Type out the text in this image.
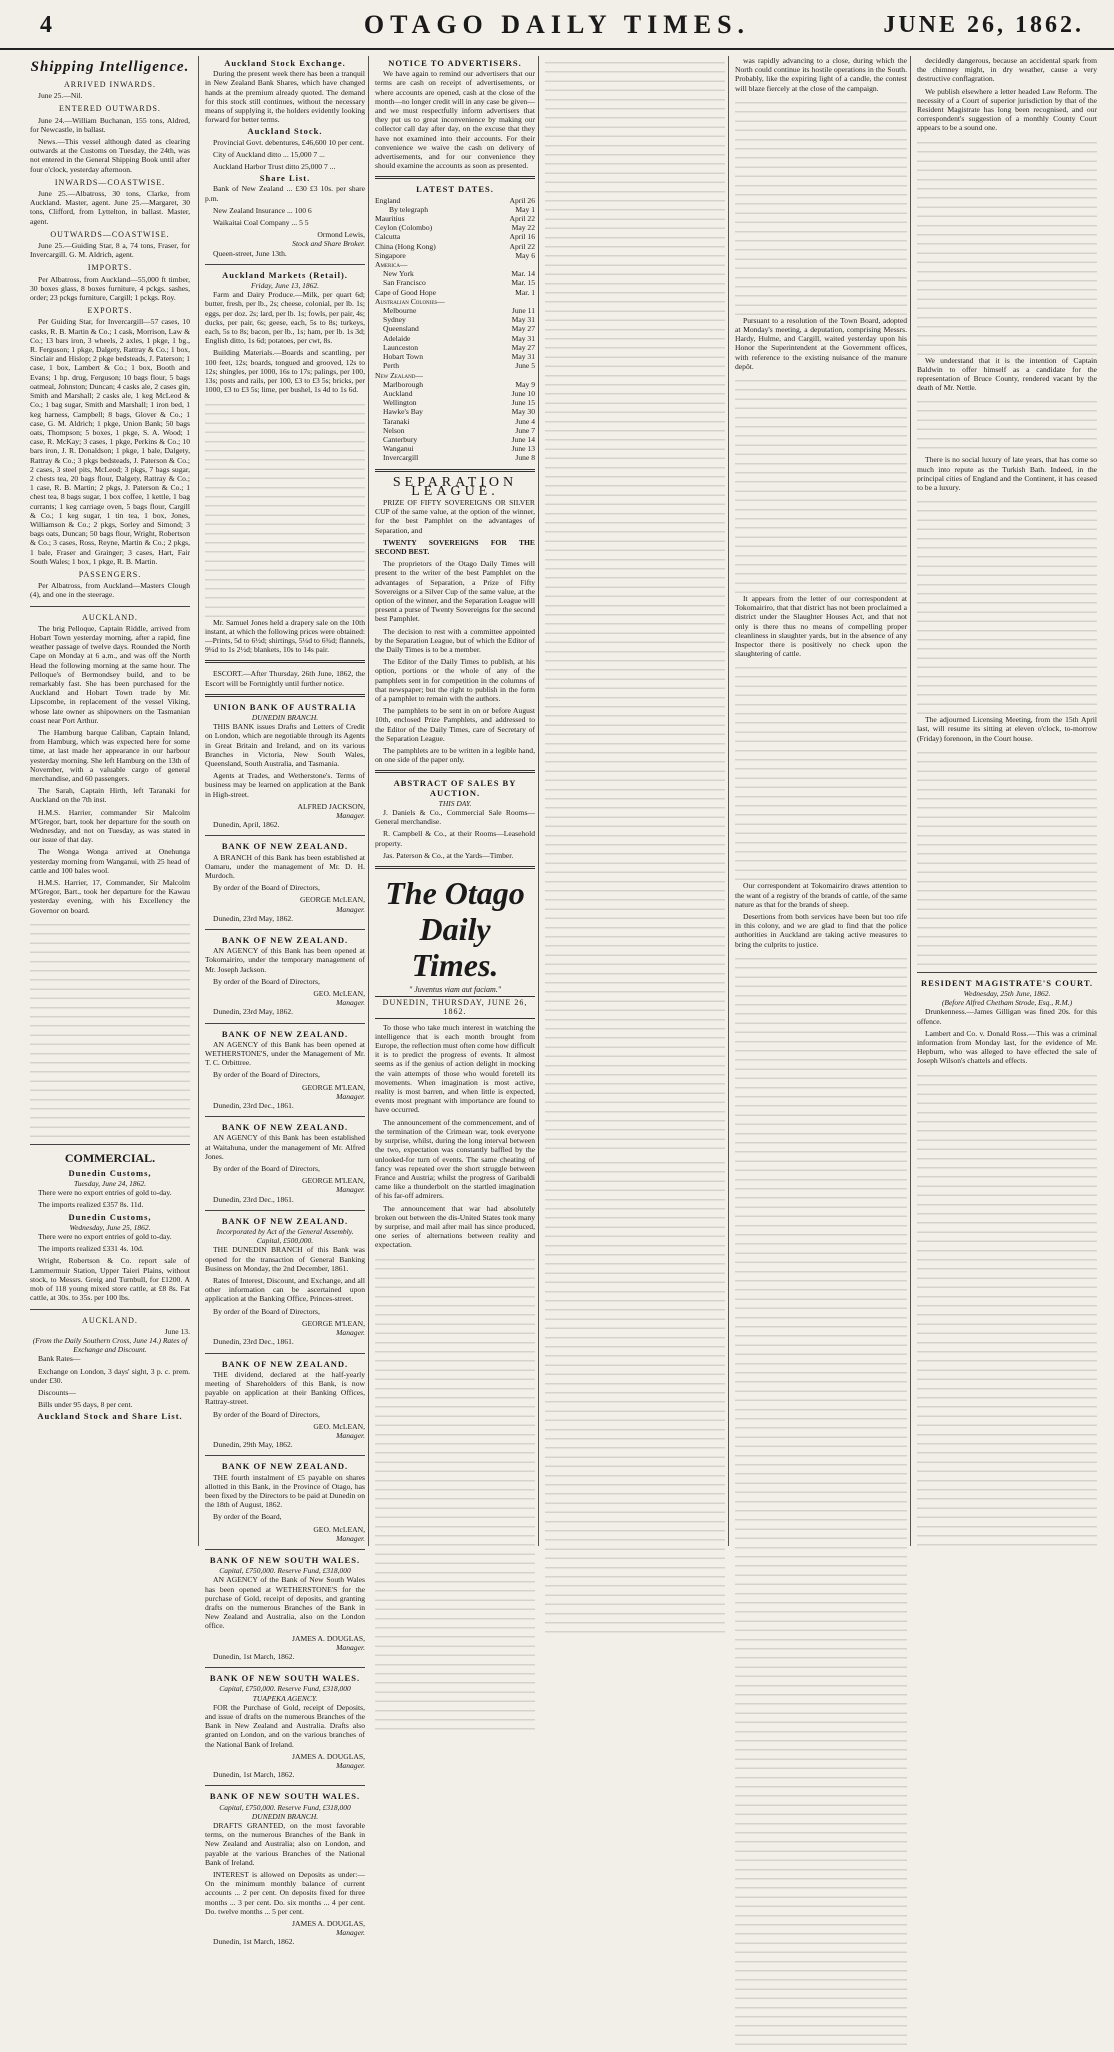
4	OTAGO DAILY TIMES.	JUNE 26, 1862.
Shipping Intelligence.
ARRIVED INWARDS.

June 25.—Nil.

ENTERED OUTWARDS.

June 24.—William Buchanan, 155 tons, Aldred, for Newcastle, in ballast.

News.—This vessel although dated as clearing outwards at the Customs on Tuesday, the 24th, was not entered in the General Shipping Book until after four o'clock, yesterday afternoon.

INWARDS—COASTWISE.

June 25.—Albatross, 30 tons, Clarke, from Auckland. Master, agent. June 25.—Margaret, 30 tons, Clifford, from Lyttelton, in ballast. Master, agent.

OUTWARDS—COASTWISE.

June 25.—Guiding Star, 8 a, 74 tons, Fraser, for Invercargill. G. M. Aldrich, agent.

IMPORTS.

Per Albatross, from Auckland—55,000 ft timber, 30 boxes glass, 8 boxes furniture, 4 pckgs. sashes, order; 23 pckgs furniture, Cargill; 1 pckgs. Roy.

EXPORTS.

Per Guiding Star, for Invercargill—57 cases, 10 casks, R. B. Martin & Co.; 1 cask, Morrison, Law & Co.; 13 bars iron, 3 wheels, 2 axles, 1 pkge, 1 bg., R. Ferguson; 1 pkge, Dalgety, Rattray & Co.; 1 box, Sinclair and Hislop; 2 pkge bedsteads, J. Paterson; 1 case, 1 box, Lambert & Co.; 1 box, Booth and Evans; 1 hp. drug, Ferguson; 10 bags flour, 5 bags oatmeal, Johnston; Duncan; 4 casks ale, 2 cases gin, Smith and Marshall; 2 casks ale, 1 keg McLeod & Co.; 1 bag sugar, Smith and Marshall; 1 iron bed, 1 keg harness, Campbell; 8 bags, Glover & Co.; 1 case, G. M. Aldrich; 1 pkge, Union Bank; 50 bags oats, Thompson; 5 boxes, 1 pkge, S. A. Wood; 1 case, R. McKay; 3 cases, 1 pkge, Perkins & Co.; 10 bars iron, J. R. Donaldson; 1 pkge, 1 bale, Dalgety, Rattray & Co.; 3 pkgs bedsteads, J. Paterson & Co.; 2 cases, 3 steel pits, McLeod; 3 pkgs, 7 bags sugar, 2 chests tea, 20 bags flour, Dalgety, Rattray & Co.; 1 case, R. B. Martin; 2 pkgs, J. Paterson & Co.; 1 chest tea, 8 bags sugar, 1 box coffee, 1 kettle, 1 bag currants; 1 keg carriage oven, 5 bags flour, Cargill & Co.; 1 keg sugar, 1 tin tea, 1 box, Jones, Williamson & Co.; 2 pkgs, Sorley and Simond; 3 bags oats, Duncan; 50 bags flour, Wright, Robertson & Co.; 3 cases, Ross, Reyne, Martin & Co.; 2 pkgs, 1 bale, Fraser and Grainger; 3 cases, Hart, Fair South Wales; 1 box, 1 pkge, R. B. Martin.

PASSENGERS.

Per Albatross, from Auckland—Masters Clough (4), and one in the steerage.

AUCKLAND.

The brig Pelloque, Captain Riddle, arrived from Hobart Town yesterday morning, after a rapid, fine weather passage of twelve days. Rounded the North Cape on Monday at 6 a.m., and was off the North Head the following morning at the same hour. The Pelloque's of Bermondsey build, and to be remarkably fast. She has been purchased for the Auckland and Hobart Town trade by Mr. Lipscombe, in replacement of the vessel Viking, whose late owner as shipowners on the Tasmanian coast near Port Arthur.

The Hamburg barque Caliban, Captain Inland, from Hamburg, which was expected here for some time, at last made her appearance in our harbour yesterday morning. She left Hamburg on the 13th of November, with a valuable cargo of general merchandise, and 60 passengers.

The Sarah, Captain Hirth, left Taranaki for Auckland on the 7th inst.

H.M.S. Harrier, commander Sir Malcolm M'Gregor, bart, took her departure for the south on Wednesday, and not on Tuesday, as was stated in our issue of that day.

The Wonga Wonga arrived at Onehunga yesterday morning from Wanganui, with 25 head of cattle and 100 bales wool.

H.M.S. Harrier, 17, Commander, Sir Malcolm M'Gregor, Bart., took her departure for the Kawau yesterday evening, with his Excellency the Governor on board.

COMMERCIAL.
Dunedin Customs,
Tuesday, June 24, 1862.

There were no export entries of gold to-day.

The imports realized £357 8s. 11d.

Dunedin Customs,
Wednesday, June 25, 1862.

There were no export entries of gold to-day.

The imports realized £331 4s. 10d.

Wright, Robertson & Co. report sale of Lammermuir Station, Upper Taieri Plains, without stock, to Messrs. Greig and Turnbull, for £1200. A mob of 118 young mixed store cattle, at £8 8s. Fat cattle, at 30s. to 35s. per 100 lbs.

AUCKLAND.
June 13.
(From the Daily Southern Cross, June 14.) Rates of Exchange and Discount.

Bank Rates—

Exchange on London, 3 days' sight, 3 p. c. prem. under £30.

Discounts—

Bills under 95 days, 8 per cent.

Auckland Stock and Share List.
Auckland Stock Exchange.

During the present week there has been a tranquil in New Zealand Bank Shares, which have changed hands at the premium already quoted. The demand for this stock still continues, without the necessary means of supplying it, the holders evidently looking forward for better terms.

Auckland Stock.

Provincial Govt. debentures, £46,600 10 per cent.

City of Auckland ditto ... 15,000 7 ...

Auckland Harbor Trust ditto 25,000 7 ...

Share List.

Bank of New Zealand ... £30 £3 10s. per share p.m.

New Zealand Insurance ... 100 6

Waikaitai Coal Company ... 5 5

Ormond Lewis,
Stock and Share Broker.

Queen-street, June 13th.

Auckland Markets (Retail).
Friday, June 13, 1862.

Farm and Dairy Produce.—Milk, per quart 6d; butter, fresh, per lb., 2s; cheese, colonial, per lb. 1s; eggs, per doz. 2s; lard, per lb. 1s; fowls, per pair, 4s; ducks, per pair, 6s; geese, each, 5s to 8s; turkeys, each, 5s to 8s; bacon, per lb., 1s; ham, per lb. 1s 3d; English ditto, 1s 6d; potatoes, per cwt, 8s.

Building Materials.—Boards and scantling, per 100 feet, 12s; boards, tongued and grooved, 12s to 12s; shingles, per 1000, 16s to 17s; palings, per 100, 13s; posts and rails, per 100, £3 to £3 5s; bricks, per 1000, £3 to £3 5s; lime, per bushel, 1s 4d to 1s 6d.

Mr. Samuel Jones held a drapery sale on the 10th instant, at which the following prices were obtained:—Prints, 5d to 6½d; shirtings, 5¼d to 6¾d; flannels, 9¼d to 1s 2½d; blankets, 10s to 14s pair.

ESCORT.—After Thursday, 26th June, 1862, the Escort will be Fortnightly until further notice.

UNION BANK OF AUSTRALIA
DUNEDIN BRANCH.

THIS BANK issues Drafts and Letters of Credit on London, which are negotiable through its Agents in Great Britain and Ireland, and on its various Branches in Victoria, New South Wales, Queensland, South Australia, and Tasmania.

Agents at Trades, and Wetherstone's. Terms of business may be learned on application at the Bank in High-street.

ALFRED JACKSON,
Manager.

Dunedin, April, 1862.

BANK OF NEW ZEALAND.

A BRANCH of this Bank has been established at Oamaru, under the management of Mr. D. H. Murdoch.

By order of the Board of Directors,

GEORGE McLEAN,
Manager.

Dunedin, 23rd May, 1862.

BANK OF NEW ZEALAND.

AN AGENCY of this Bank has been opened at Tokomairiro, under the temporary management of Mr. Joseph Jackson.

By order of the Board of Directors,

GEO. McLEAN,
Manager.

Dunedin, 23rd May, 1862.

BANK OF NEW ZEALAND.

AN AGENCY of this Bank has been opened at WETHERSTONE'S, under the Management of Mr. T. C. Orbittree.

By order of the Board of Directors,

GEORGE M'LEAN,
Manager.

Dunedin, 23rd Dec., 1861.

BANK OF NEW ZEALAND.

AN AGENCY of this Bank has been established at Waitahuna, under the management of Mr. Alfred Jones.

By order of the Board of Directors,

GEORGE M'LEAN,
Manager.

Dunedin, 23rd Dec., 1861.

BANK OF NEW ZEALAND.
Incorporated by Act of the General Assembly.
Capital, £500,000.

THE DUNEDIN BRANCH of this Bank was opened for the transaction of General Banking Business on Monday, the 2nd December, 1861.

Rates of Interest, Discount, and Exchange, and all other information can be ascertained upon application at the Banking Office, Princes-street.

By order of the Board of Directors,

GEORGE M'LEAN,
Manager.

Dunedin, 23rd Dec., 1861.

BANK OF NEW ZEALAND.

THE dividend, declared at the half-yearly meeting of Shareholders of this Bank, is now payable on application at their Banking Offices, Rattray-street.

By order of the Board of Directors,

GEO. McLEAN,
Manager.

Dunedin, 29th May, 1862.

BANK OF NEW ZEALAND.

THE fourth instalment of £5 payable on shares allotted in this Bank, in the Province of Otago, has been fixed by the Directors to be paid at Dunedin on the 18th of August, 1862.

By order of the Board,

GEO. McLEAN,
Manager.
BANK OF NEW SOUTH WALES.
Capital, £750,000. Reserve Fund, £318,000

AN AGENCY of the Bank of New South Wales has been opened at WETHERSTONE'S for the purchase of Gold, receipt of deposits, and granting drafts on the numerous Branches of the Bank in New Zealand and Australia, also on the London office.

JAMES A. DOUGLAS,
Manager.

Dunedin, 1st March, 1862.

BANK OF NEW SOUTH WALES.
Capital, £750,000. Reserve Fund, £318,000
TUAPEKA AGENCY.

FOR the Purchase of Gold, receipt of Deposits, and issue of drafts on the numerous Branches of the Bank in New Zealand and Australia. Drafts also granted on London, and on the various branches of the National Bank of Ireland.

JAMES A. DOUGLAS,
Manager.

Dunedin, 1st March, 1862.

BANK OF NEW SOUTH WALES.
Capital, £750,000. Reserve Fund, £318,000
DUNEDIN BRANCH.

DRAFTS GRANTED, on the most favorable terms, on the numerous Branches of the Bank in New Zealand and Australia; also on London, and payable at the various Branches of the National Bank of Ireland.

INTEREST is allowed on Deposits as under:— On the minimum monthly balance of current accounts ... 2 per cent. On deposits fixed for three months ... 3 per cent. Do. six months ... 4 per cent. Do. twelve months ... 5 per cent.

JAMES A. DOUGLAS,
Manager.

Dunedin, 1st March, 1862.

NOTICE TO ADVERTISERS.

We have again to remind our advertisers that our terms are cash on receipt of advertisements, or where accounts are opened, cash at the close of the month—no longer credit will in any case be given—and we must respectfully inform advertisers that they put us to great inconvenience by making our collector call day after day, on the excuse that they have not examined into their accounts. For their convenience we waive the cash on delivery of advertisements, and for our convenience they should examine the accounts as soon as presented.

LATEST DATES.
England	April 26
By telegraph	May 1
Mauritius	April 22
Ceylon (Colombo)	May 22
Calcutta	April 16
China (Hong Kong)	April 22
Singapore	May 6
America—	
New York	Mar. 14
San Francisco	Mar. 15
Cape of Good Hope	Mar. 1
Australian Colonies—	
Melbourne	June 11
Sydney	May 31
Queensland	May 27
Adelaide	May 31
Launceston	May 27
Hobart Town	May 31
Perth	June 5
New Zealand—	
Marlborough	May 9
Auckland	June 10
Wellington	June 15
Hawke's Bay	May 30
Taranaki	June 4
Nelson	June 7
Canterbury	June 14
Wanganui	June 13
Invercargill	June 8
SEPARATION LEAGUE.

PRIZE OF FIFTY SOVEREIGNS OR SILVER CUP of the same value, at the option of the winner, for the best Pamphlet on the advantages of Separation, and

TWENTY SOVEREIGNS FOR THE SECOND BEST.

The proprietors of the Otago Daily Times will present to the writer of the best Pamphlet on the advantages of Separation, a Prize of Fifty Sovereigns or a Silver Cup of the same value, at the option of the winner, and the Separation League will present a purse of Twenty Sovereigns for the second best Pamphlet.

The decision to rest with a committee appointed by the Separation League, but of which the Editor of the Daily Times is to be a member.

The Editor of the Daily Times to publish, at his option, portions or the whole of any of the pamphlets sent in for competition in the columns of that newspaper; but the right to publish in the form of a pamphlet to remain with the authors.

The pamphlets to be sent in on or before August 10th, enclosed Prize Pamphlets, and addressed to the Editor of the Daily Times, care of Secretary of the Separation League.

The pamphlets are to be written in a legible hand, on one side of the paper only.

ABSTRACT OF SALES BY AUCTION.
THIS DAY.

J. Daniels & Co., Commercial Sale Rooms—General merchandise.

R. Campbell & Co., at their Rooms—Leasehold property.

Jas. Paterson & Co., at the Yards—Timber.

The Otago Daily Times.
" Juventus viam aut faciam."
DUNEDIN, THURSDAY, JUNE 26, 1862.

To those who take much interest in watching the intelligence that is each month brought from Europe, the reflection must often come how difficult it is to predict the progress of events. It almost seems as if the genius of action delight in mocking the vain attempts of those who would foretell its movements. When imagination is most active, reality is most barren, and when little is expected, events most pregnant with importance are found to have occurred.

The announcement of the commencement, and of the termination of the Crimean war, took everyone by surprise, whilst, during the long interval between the two, expectation was constantly baffled by the unlooked-for turn of events. The same cheating of fancy was repeated over the short struggle between France and Austria; whilst the progress of Garibaldi came like a thunderbolt on the startled imagination of his far-off admirers.

The announcement that war had absolutely broken out between the dis-United States took many by surprise, and mail after mail has since produced, one series of alternations between reality and expectation.

was rapidly advancing to a close, during which the North could continue its hostile operations in the South. Probably, like the expiring light of a candle, the contest will blaze fiercely at the close of the campaign.

Pursuant to a resolution of the Town Board, adopted at Monday's meeting, a deputation, comprising Messrs. Hardy, Hulme, and Cargill, waited yesterday upon his Honor the Superintendent at the Government offices, with reference to the existing nuisance of the manure depôt.

It appears from the letter of our correspondent at Tokomairiro, that that district has not been proclaimed a district under the Slaughter Houses Act, and that not only is there thus no means of compelling proper cleanliness in slaughter yards, but in the absence of any Inspector there is positively no check upon the slaughtering of cattle.

Our correspondent at Tokomairiro draws attention to the want of a registry of the brands of cattle, of the same nature as that for the brands of sheep.

Desertions from both services have been but too rife in this colony, and we are glad to find that the police authorities in Auckland are taking active measures to bring the culprits to justice.

decidedly dangerous, because an accidental spark from the chimney might, in dry weather, cause a very destructive conflagration.

We publish elsewhere a letter headed Law Reform. The necessity of a Court of superior jurisdiction by that of the Resident Magistrate has long been recognised, and our correspondent's suggestion of a monthly County Court appears to be a sound one.

We understand that it is the intention of Captain Baldwin to offer himself as a candidate for the representation of Bruce County, rendered vacant by the death of Mr. Nettle.

There is no social luxury of late years, that has come so much into repute as the Turkish Bath. Indeed, in the principal cities of England and the Continent, it has ceased to be a luxury.

The adjourned Licensing Meeting, from the 15th April last, will resume its sitting at eleven o'clock, to-morrow (Friday) forenoon, in the Court house.

RESIDENT MAGISTRATE'S COURT.
Wednesday, 25th June, 1862.
(Before Alfred Chetham Strode, Esq., R.M.)

Drunkenness.—James Gilligan was fined 20s. for this offence.

Lambert and Co. v. Donald Ross.—This was a criminal information from Monday last, for the evidence of Mr. Hepburn, who was alleged to have effected the sale of Joseph Wilson's chattels and effects.
